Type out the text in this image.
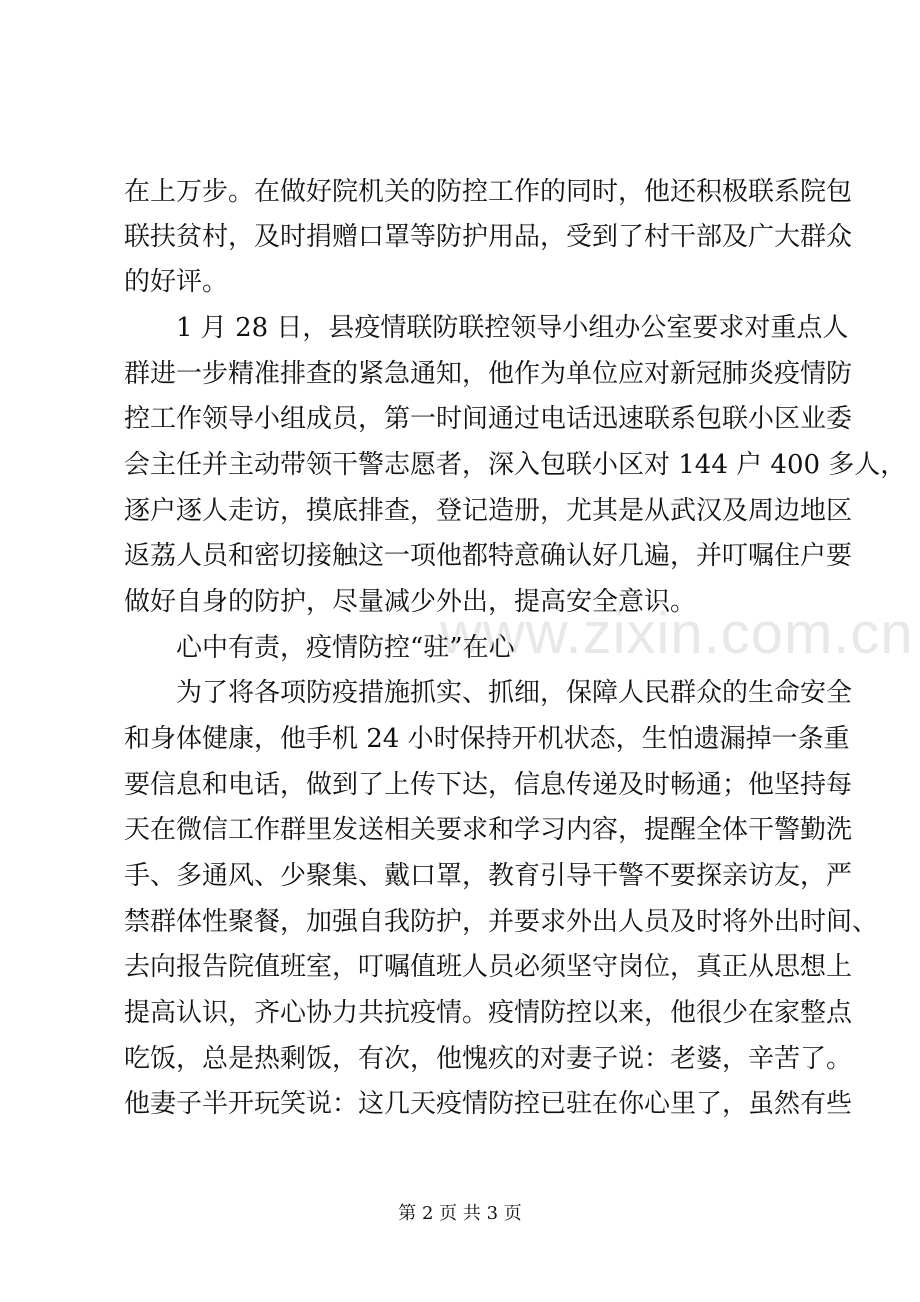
www.zixin.com.cn
在上万步。在做好院机关的防控工作的同时，他还积极联系院包
联扶贫村，及时捐赠口罩等防护用品，受到了村干部及广大群众
的好评。
1 月 28 日，县疫情联防联控领导小组办公室要求对重点人
群进一步精准排查的紧急通知，他作为单位应对新冠肺炎疫情防
控工作领导小组成员，第一时间通过电话迅速联系包联小区业委
会主任并主动带领干警志愿者，深入包联小区对 144 户 400 多人，
逐户逐人走访，摸底排查，登记造册，尤其是从武汉及周边地区
返荔人员和密切接触这一项他都特意确认好几遍，并叮嘱住户要
做好自身的防护，尽量减少外出，提高安全意识。
心中有责，疫情防控“驻”在心
为了将各项防疫措施抓实、抓细，保障人民群众的生命安全
和身体健康，他手机 24 小时保持开机状态，生怕遗漏掉一条重
要信息和电话，做到了上传下达，信息传递及时畅通；他坚持每
天在微信工作群里发送相关要求和学习内容，提醒全体干警勤洗
手、多通风、少聚集、戴口罩，教育引导干警不要探亲访友，严
禁群体性聚餐，加强自我防护，并要求外出人员及时将外出时间、
去向报告院值班室，叮嘱值班人员必须坚守岗位，真正从思想上
提高认识，齐心协力共抗疫情。疫情防控以来，他很少在家整点
吃饭，总是热剩饭，有次，他愧疚的对妻子说：老婆，辛苦了。
他妻子半开玩笑说：这几天疫情防控已驻在你心里了，虽然有些
第 2 页 共 3 页
